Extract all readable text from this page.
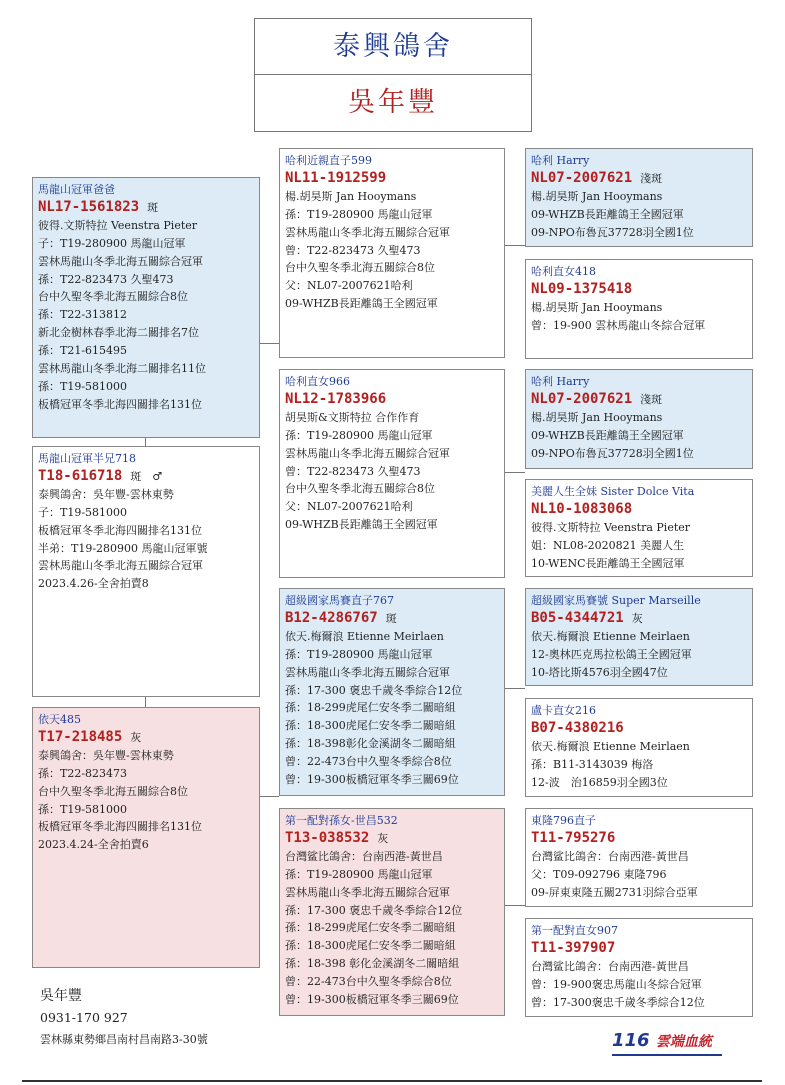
泰興鴿舍
吳年豐
馬龍山冠軍爸爸
NL17-1561823 斑
彼得.文斯特拉 Veenstra Pieter
子：T19-280900 馬龍山冠軍
雲林馬龍山冬季北海五關綜合冠軍
孫：T22-823473 久聖473
台中久聖冬季北海五關綜合8位
孫：T22-313812
新北金樹林春季北海二關排名7位
孫：T21-615495
雲林馬龍山冬季北海二關排名11位
孫：T19-581000
板橋冠軍冬季北海四關排名131位
馬龍山冠軍半兄718
T18-616718 斑　♂
泰興鴿舍：吳年豐-雲林東勢
子：T19-581000
板橋冠軍冬季北海四關排名131位
半弟：T19-280900 馬龍山冠軍號
雲林馬龍山冬季北海五關綜合冠軍
2023.4.26-全舍拍賣8
依天485
T17-218485 灰
泰興鴿舍：吳年豐-雲林東勢
孫：T22-823473
台中久聖冬季北海五關綜合8位
孫：T19-581000
板橋冠軍冬季北海四關排名131位
2023.4.24-全舍拍賣6
哈利近親直子599
NL11-1912599
楊.胡昊斯 Jan Hooymans
孫：T19-280900 馬龍山冠軍
雲林馬龍山冬季北海五關綜合冠軍
曾：T22-823473 久聖473
台中久聖冬季北海五關綜合8位
父：NL07-2007621哈利
09-WHZB長距離鴿王全國冠軍
哈利直女966
NL12-1783966
胡昊斯&文斯特拉 合作作育
孫：T19-280900 馬龍山冠軍
雲林馬龍山冬季北海五關綜合冠軍
曾：T22-823473 久聖473
台中久聖冬季北海五關綜合8位
父：NL07-2007621哈利
09-WHZB長距離鴿王全國冠軍
超級國家馬賽直子767
B12-4286767 斑
依天.梅爾浪 Etienne Meirlaen
孫：T19-280900 馬龍山冠軍
雲林馬龍山冬季北海五關綜合冠軍
孫：17-300 褒忠千歲冬季綜合12位
孫：18-299虎尾仁安冬季二關暗組
孫：18-300虎尾仁安冬季二關暗組
孫：18-398彰化金溪湖冬二關暗組
曾：22-473台中久聖冬季綜合8位
曾：19-300板橋冠軍冬季三關69位
第一配對孫女-世昌532
T13-038532 灰
台灣鲨比鴿舍：台南西港-黃世昌
孫：T19-280900 馬龍山冠軍
雲林馬龍山冬季北海五關綜合冠軍
孫：17-300 褒忠千歲冬季綜合12位
孫：18-299虎尾仁安冬季二關暗組
孫：18-300虎尾仁安冬季二關暗組
孫：18-398 彰化金溪湖冬二關暗組
曾：22-473台中久聖冬季綜合8位
曾：19-300板橋冠軍冬季三關69位
哈利 Harry
NL07-2007621 淺斑
楊.胡昊斯 Jan Hooymans
09-WHZB長距離鴿王全國冠軍
09-NPO布魯瓦37728羽全國1位
哈利直女418
NL09-1375418
楊.胡昊斯 Jan Hooymans
曾：19-900 雲林馬龍山冬綜合冠軍
哈利 Harry
NL07-2007621 淺斑
楊.胡昊斯 Jan Hooymans
09-WHZB長距離鴿王全國冠軍
09-NPO布魯瓦37728羽全國1位
美麗人生全妹 Sister Dolce Vita
NL10-1083068
彼得.文斯特拉 Veenstra Pieter
姐：NL08-2020821 美麗人生
10-WENC長距離鴿王全國冠軍
超級國家馬賽號 Super Marseille
B05-4344721 灰
依天.梅爾浪 Etienne Meirlaen
12-奧林匹克馬拉松鴿王全國冠軍
10-塔比斯4576羽全國47位
盧卡直女216
B07-4380216
依天.梅爾浪 Etienne Meirlaen
孫：B11-3143039 梅洛
12-波　治16859羽全國3位
東隆796直子
T11-795276
台灣鲨比鴿舍：台南西港-黃世昌
父：T09-092796 東隆796
09-屏東東隆五關2731羽綜合亞軍
第一配對直女907
T11-397907
台灣鲨比鴿舍：台南西港-黃世昌
曾：19-900褒忠馬龍山冬綜合冠軍
曾：17-300褒忠千歲冬季綜合12位
吳年豐
0931-170 927
雲林縣東勢鄉昌南村昌南路3-30號	116 雲端血統
